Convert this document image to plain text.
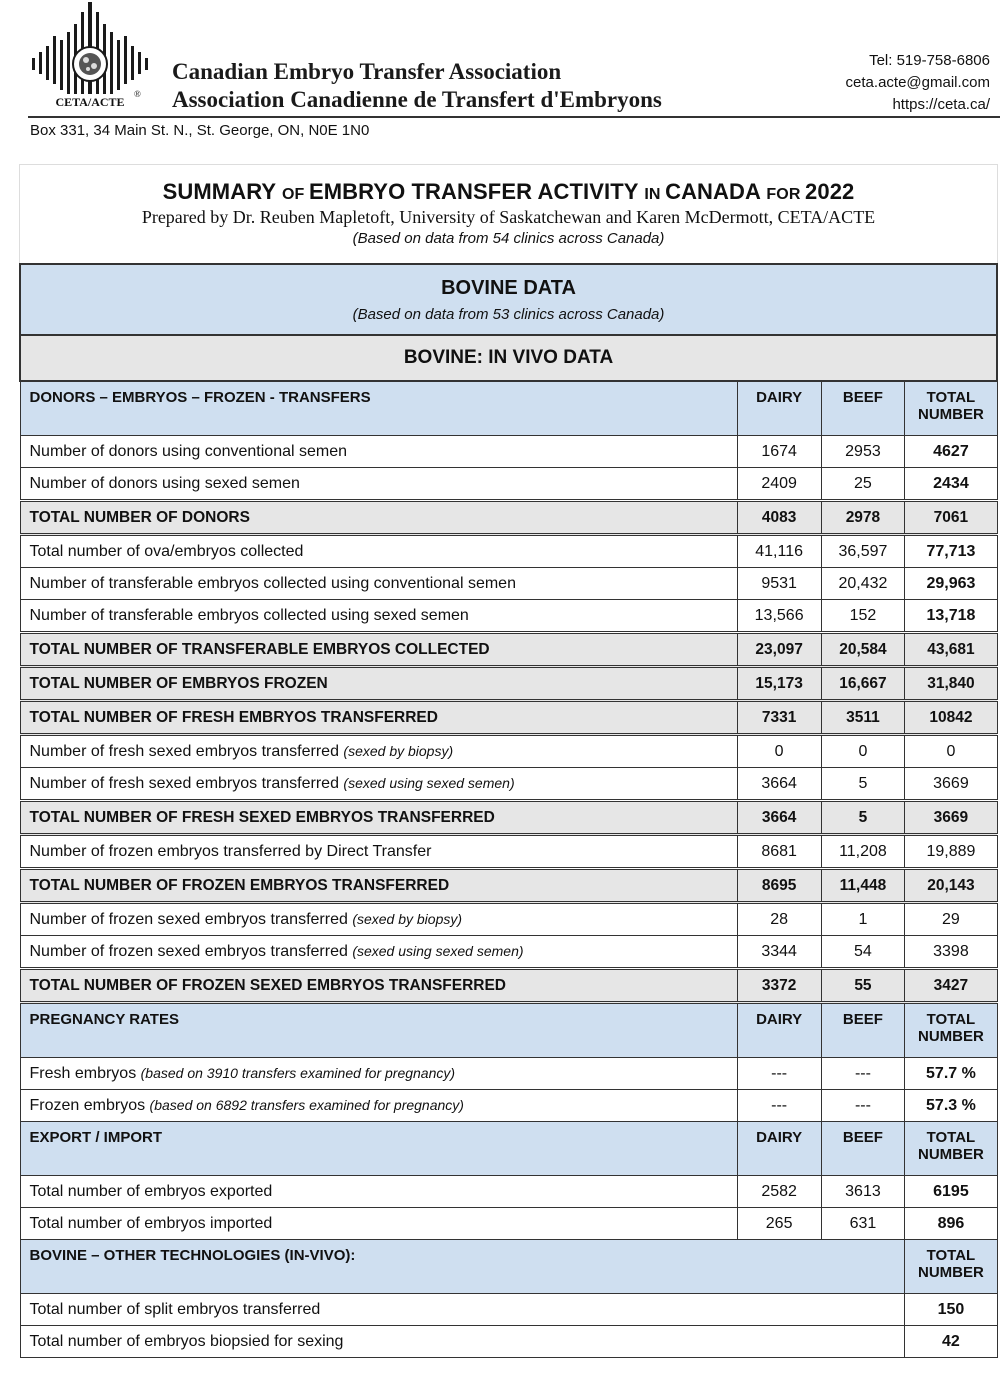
CETA/ACTE
®
Canadian Embryo Transfer Association
Association Canadienne de Transfert d'Embryons
Tel: 519-758-6806
ceta.acte@gmail.com
https://ceta.ca/
Box 331, 34 Main St. N., St. George, ON, N0E 1N0
SUMMARY OF EMBRYO TRANSFER ACTIVITY IN CANADA FOR 2022
Prepared by Dr. Reuben Mapletoft, University of Saskatchewan and Karen McDermott, CETA/ACTE
(Based on data from 54 clinics across Canada)
BOVINE DATA
(Based on data from 53 clinics across Canada)			

BOVINE: IN VIVO DATA			
DONORS – EMBRYOS – FROZEN - TRANSFERS	DAIRY	BEEF	TOTAL NUMBER
Number of donors using conventional semen	1674	2953	4627
Number of donors using sexed semen	2409	25	2434
TOTAL NUMBER OF DONORS	4083	2978	7061
Total number of ova/embryos collected	41,116	36,597	77,713
Number of transferable embryos collected using conventional semen	9531	20,432	29,963
Number of transferable embryos collected using sexed semen	13,566	152	13,718
TOTAL NUMBER OF TRANSFERABLE EMBRYOS COLLECTED	23,097	20,584	43,681
TOTAL NUMBER OF EMBRYOS FROZEN	15,173	16,667	31,840
TOTAL NUMBER OF FRESH EMBRYOS TRANSFERRED	7331	3511	10842
Number of fresh sexed embryos transferred (sexed by biopsy)	0	0	0
Number of fresh sexed embryos transferred (sexed using sexed semen)	3664	5	3669
TOTAL NUMBER OF FRESH SEXED EMBRYOS TRANSFERRED	3664	5	3669
Number of frozen embryos transferred by Direct Transfer	8681	11,208	19,889
TOTAL NUMBER OF FROZEN EMBRYOS TRANSFERRED	8695	11,448	20,143
Number of frozen sexed embryos transferred (sexed by biopsy)	28	1	29
Number of frozen sexed embryos transferred (sexed using sexed semen)	3344	54	3398
TOTAL NUMBER OF FROZEN SEXED EMBRYOS TRANSFERRED	3372	55	3427
PREGNANCY RATES	DAIRY	BEEF	TOTAL NUMBER
Fresh embryos (based on 3910 transfers examined for pregnancy)	---	---	57.7 %
Frozen embryos (based on 6892 transfers examined for pregnancy)	---	---	57.3 %
EXPORT / IMPORT	DAIRY	BEEF	TOTAL NUMBER
Total number of embryos exported	2582	3613	6195
Total number of embryos imported	265	631	896
BOVINE – OTHER TECHNOLOGIES (IN-VIVO):			TOTAL NUMBER
Total number of split embryos transferred			150
Total number of embryos biopsied for sexing			42
